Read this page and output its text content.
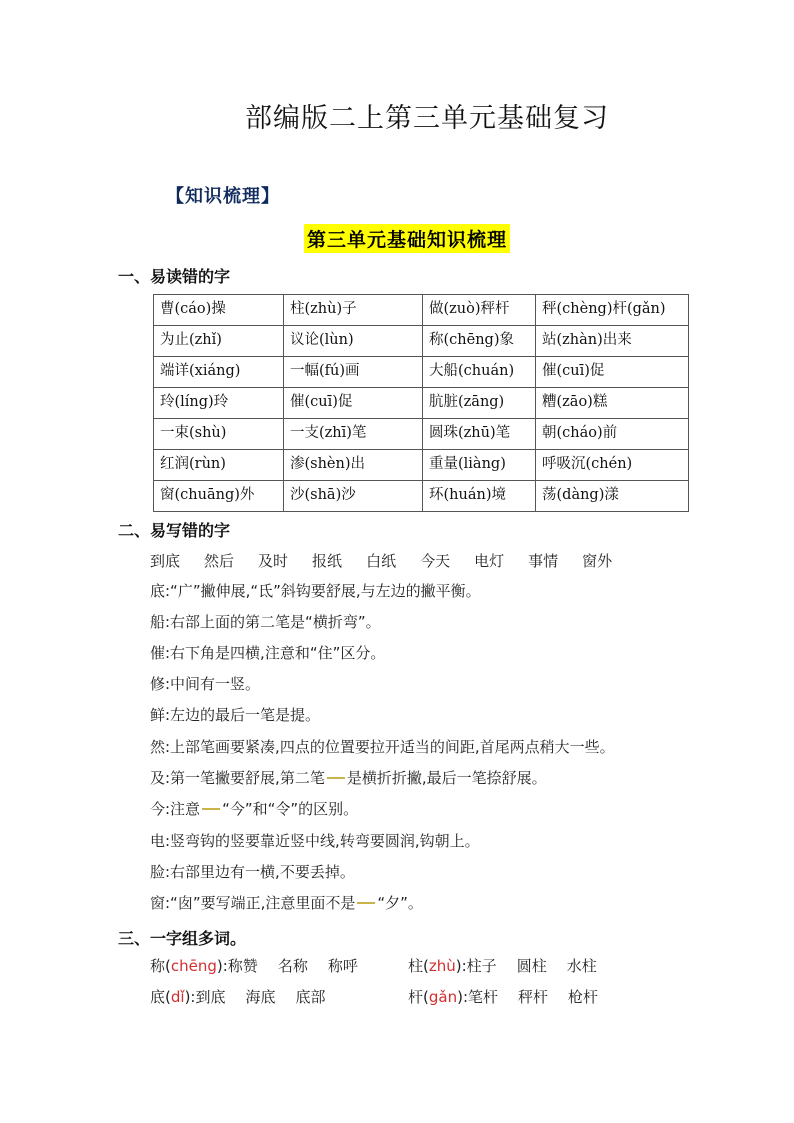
部编版二上第三单元基础复习
【知识梳理】
第三单元基础知识梳理
一、易读错的字
曹(cáo)操	柱(zhù)子	做(zuò)秤杆	秤(chèng)杆(gǎn)
为止(zhǐ)	议论(lùn)	称(chēng)象	站(zhàn)出来
端详(xiáng)	一幅(fú)画	大船(chuán)	催(cuī)促
玲(líng)玲	催(cuī)促	肮脏(zāng)	糟(zāo)糕
一束(shù)	一支(zhī)笔	圆珠(zhū)笔	朝(cháo)前
红润(rùn)	渗(shèn)出	重量(liàng)	呼吸沉(chén)
窗(chuāng)外	沙(shā)沙	环(huán)境	荡(dàng)漾
二、易写错的字
到底 然后 及时 报纸 白纸 今天 电灯 事情 窗外
底:“广”撇伸展,“氐”斜钩要舒展,与左边的撇平衡。
船:右部上面的第二笔是“横折弯”。
催:右下角是四横,注意和“住”区分。
修:中间有一竖。
鲜:左边的最后一笔是提。
然:上部笔画要紧凑,四点的位置要拉开适当的间距,首尾两点稍大一些。
及:第一笔撇要舒展,第二笔 是横折折撇,最后一笔捺舒展。
今:注意 “今”和“令”的区别。
电:竖弯钩的竖要靠近竖中线,转弯要圆润,钩朝上。
脸:右部里边有一横,不要丢掉。
窗:“囱”要写端正,注意里面不是 “夕”。
三、一字组多词。
称(chēng):称赞 名称 称呼	柱(zhù):柱子 圆柱 水柱
底(dǐ):到底 海底 底部	杆(gǎn):笔杆 秤杆 枪杆
